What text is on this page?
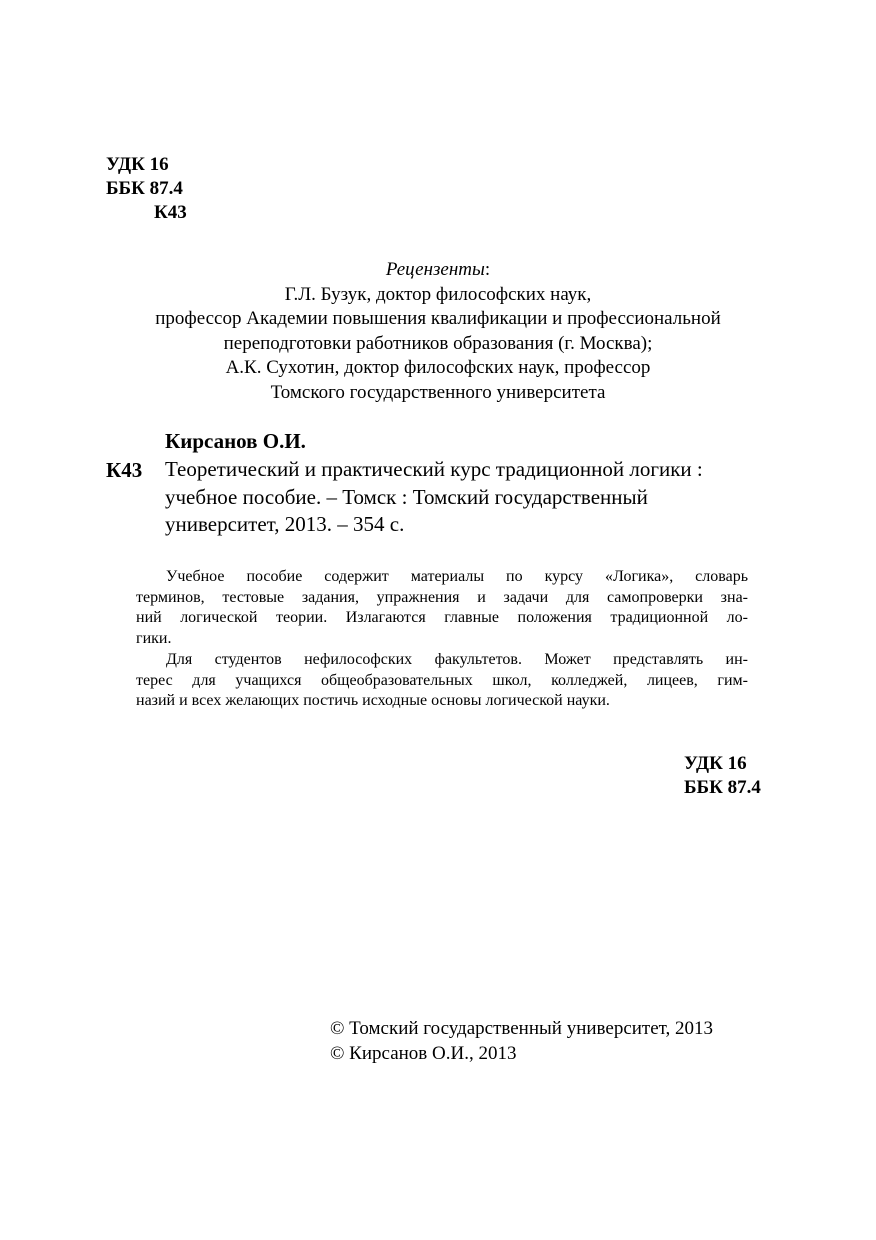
УДК 16
ББК 87.4
К43
Рецензенты:
Г.Л. Бузук, доктор философских наук,
профессор Академии повышения квалификации и профессиональной
переподготовки работников образования (г. Москва);
А.К. Сухотин, доктор философских наук, профессор
Томского государственного университета
Кирсанов О.И.
К43 Теоретический и практический курс традиционной логики :
учебное пособие. – Томск : Томский государственный
университет, 2013. – 354 с.
Учебное пособие содержит материалы по курсу «Логика», словарь
терминов, тестовые задания, упражнения и задачи для самопроверки зна-
ний логической теории. Излагаются главные положения традиционной ло-
гики.
Для студентов нефилософских факультетов. Может представлять ин-
терес для учащихся общеобразовательных школ, колледжей, лицеев, гим-
назий и всех желающих постичь исходные основы логической науки.
УДК 16
ББК 87.4
© Томский государственный университет, 2013
© Кирсанов О.И., 2013
